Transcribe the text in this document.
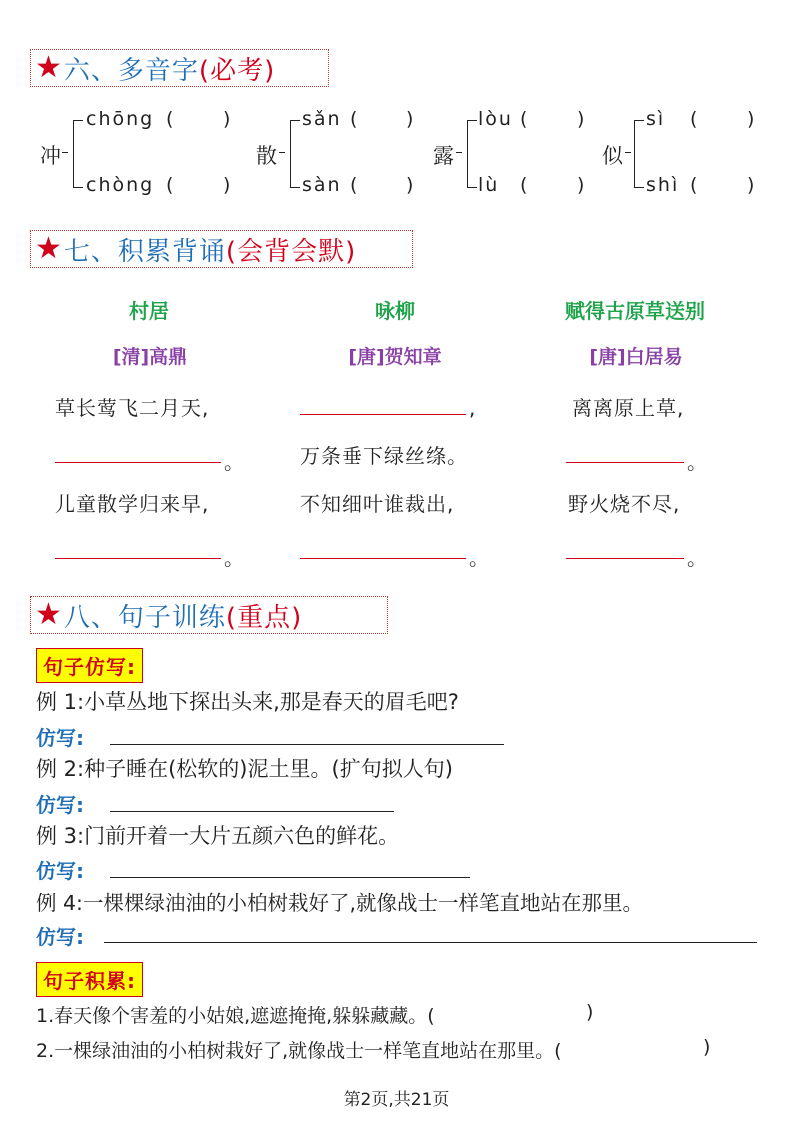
★ 六、多音字 (必考)
冲
chōng (	)
chòng (	)
散
sǎn (	)
sàn (	)
露
lòu (	)
lù (	)
似
sì (	)
shì (	)
★ 七、积累背诵 (会背会默)
村居	咏柳	赋得古原草送别
[清]高鼎	[唐]贺知章	[唐]白居易
草长莺飞二月天,	,	离离原上草,
。	万条垂下绿丝绦。	。
儿童散学归来早,	不知细叶谁裁出,	野火烧不尽,
。	。	。
★ 八、句子训练 (重点)
句子仿写:
例 1:小草丛地下探出头来,那是春天的眉毛吧?
仿写:
例 2:种子睡在(松软的)泥土里。(扩句拟人句)
仿写:
例 3:门前开着一大片五颜六色的鲜花。
仿写:
例 4:一棵棵绿油油的小柏树栽好了,就像战士一样笔直地站在那里。
仿写:
句子积累:
1.春天像个害羞的小姑娘,遮遮掩掩,躲躲藏藏。(	)
2.一棵绿油油的小柏树栽好了,就像战士一样笔直地站在那里。(	)
第2页,共21页
